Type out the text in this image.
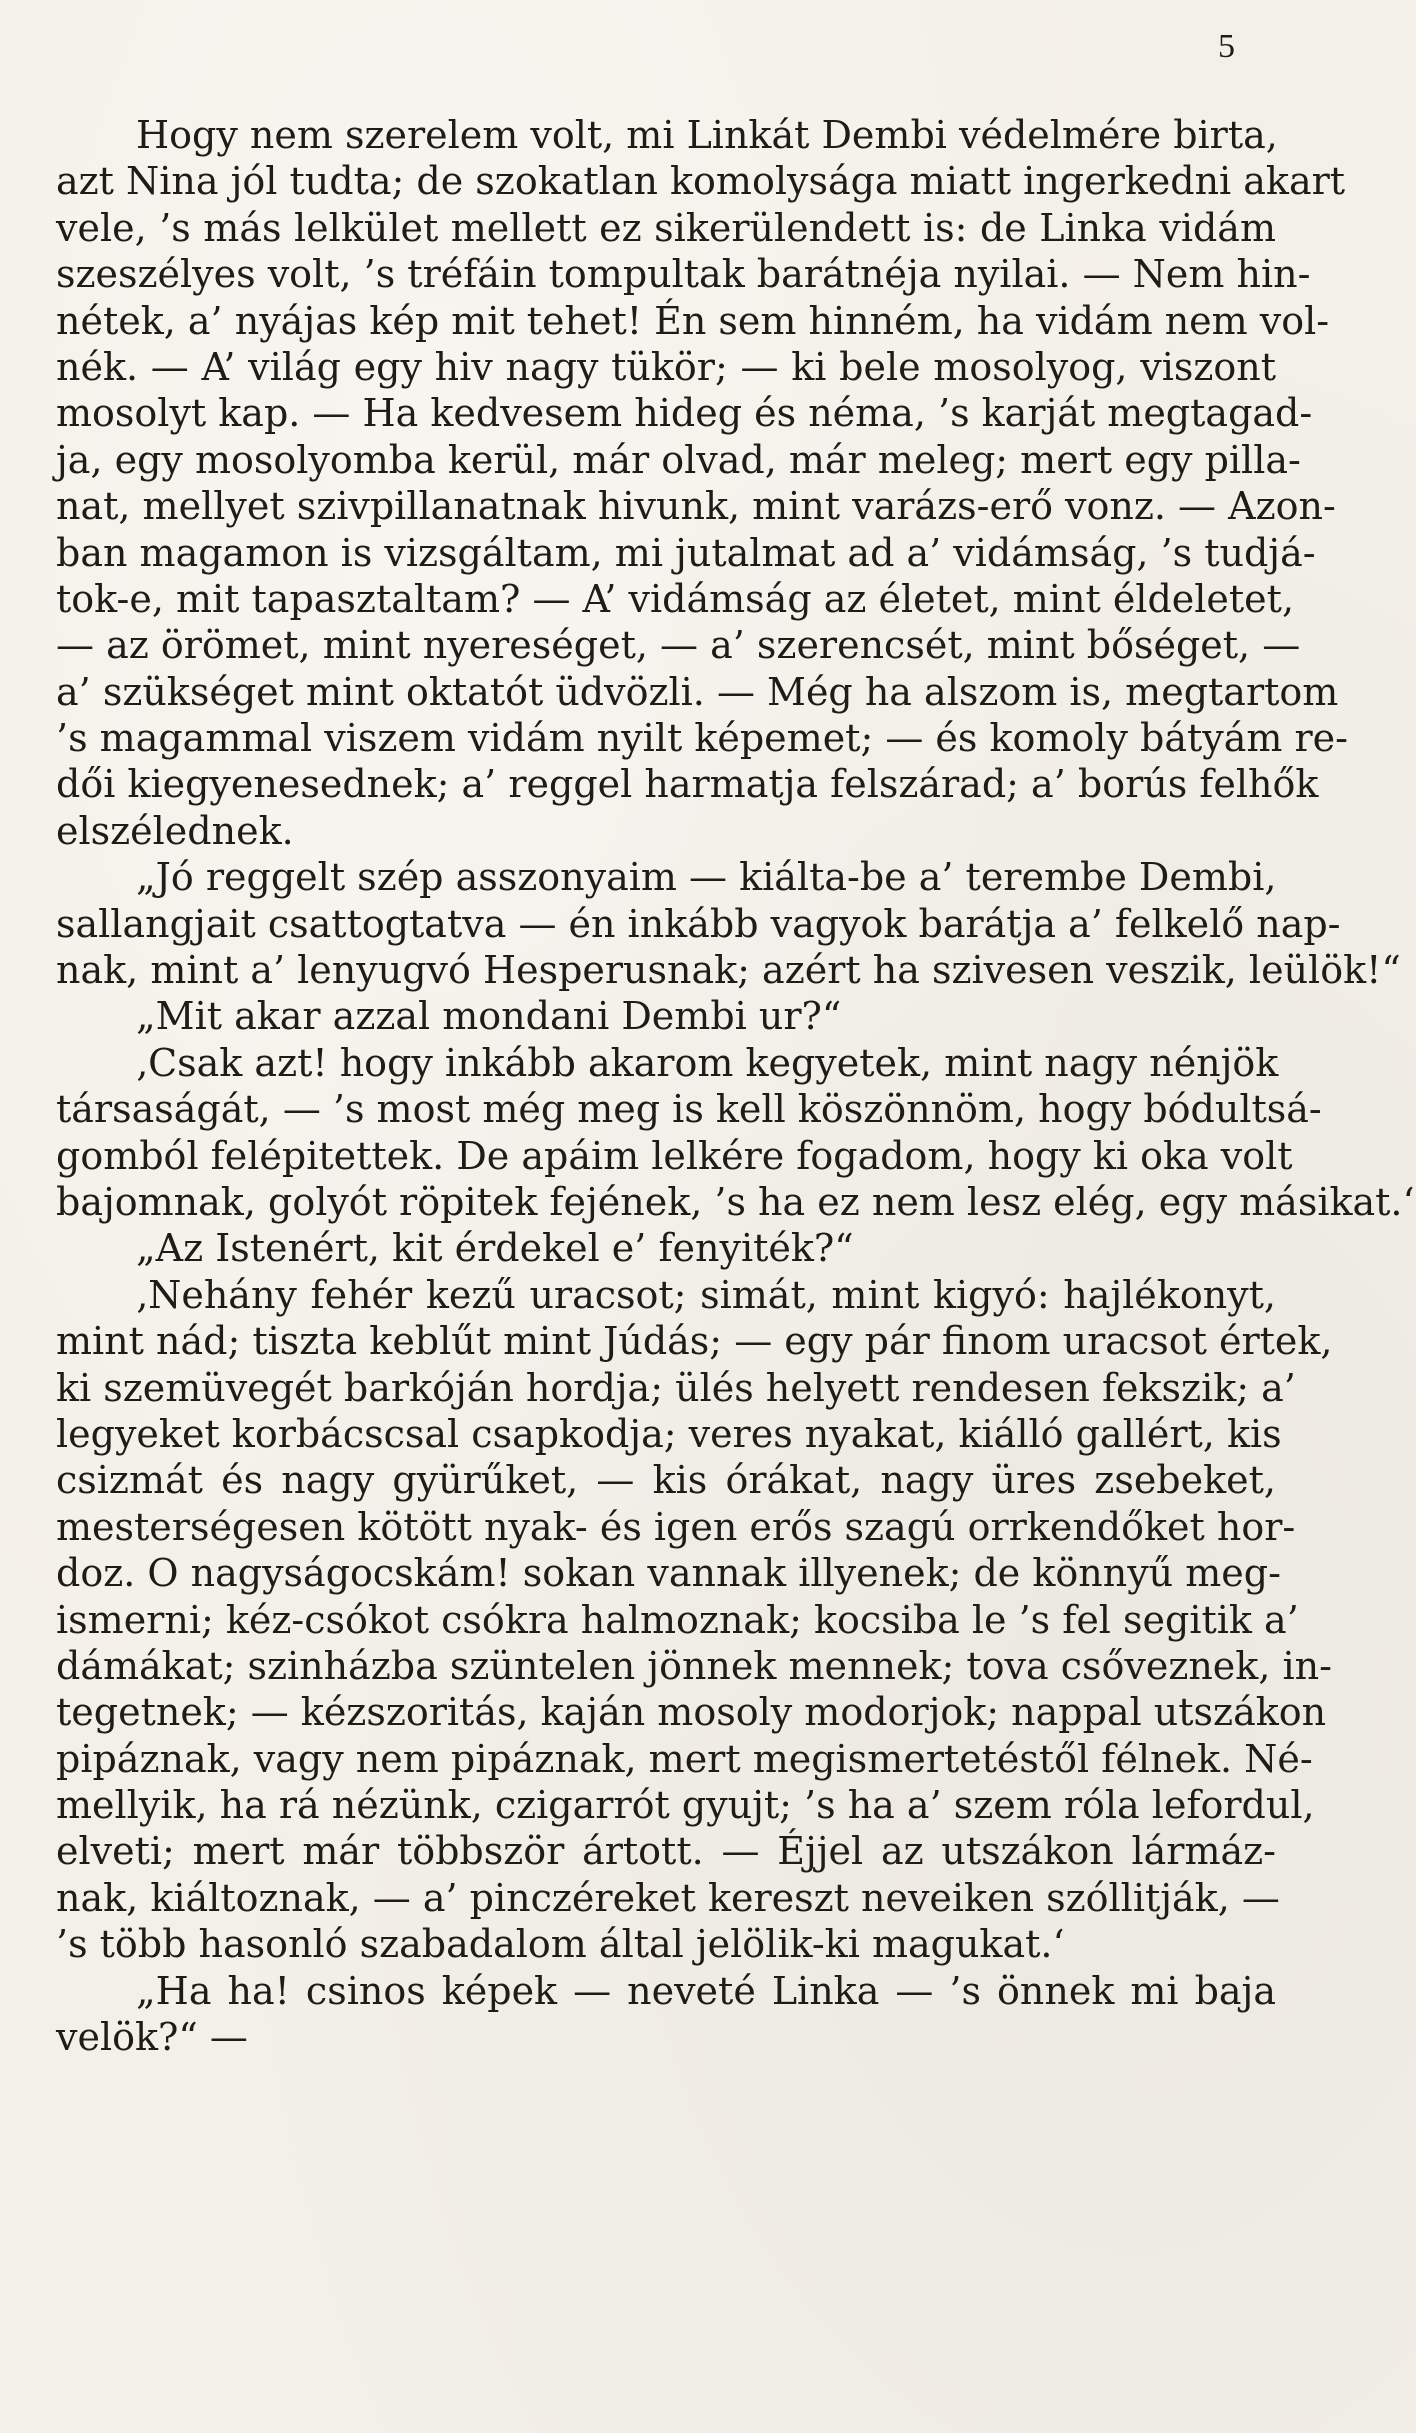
5
Hogy nem szerelem volt, mi Linkát Dembi védelmére birta,
azt Nina jól tudta; de szokatlan komolysága miatt ingerkedni akart
vele, ’s más lelkület mellett ez sikerülendett is: de Linka vidám
szeszélyes volt, ’s tréfáin tompultak barátnéja nyilai. — Nem hin-
nétek, a’ nyájas kép mit tehet! Én sem hinném, ha vidám nem vol-
nék. — A’ világ egy hiv nagy tükör; — ki bele mosolyog, viszont
mosolyt kap. — Ha kedvesem hideg és néma, ’s karját megtagad-
ja, egy mosolyomba kerül, már olvad, már meleg; mert egy pilla-
nat, mellyet szivpillanatnak hivunk, mint varázs-erő vonz. — Azon-
ban magamon is vizsgáltam, mi jutalmat ad a’ vidámság, ’s tudjá-
tok-e, mit tapasztaltam? — A’ vidámság az életet, mint éldeletet,
— az örömet, mint nyereséget, — a’ szerencsét, mint bőséget, —
a’ szükséget mint oktatót üdvözli. — Még ha alszom is, megtartom
’s magammal viszem vidám nyilt képemet; — és komoly bátyám re-
dői kiegyenesednek; a’ reggel harmatja felszárad; a’ borús felhők
elszélednek.
„Jó reggelt szép asszonyaim — kiálta-be a’ terembe Dembi,
sallangjait csattogtatva — én inkább vagyok barátja a’ felkelő nap-
nak, mint a’ lenyugvó Hesperusnak; azért ha szivesen veszik, leülök!“
„Mit akar azzal mondani Dembi ur?“
‚Csak azt! hogy inkább akarom kegyetek, mint nagy nénjök
társaságát, — ’s most még meg is kell köszönnöm, hogy bódultsá-
gomból felépitettek. De apáim lelkére fogadom, hogy ki oka volt
bajomnak, golyót röpitek fejének, ’s ha ez nem lesz elég, egy másikat.‘
„Az Istenért, kit érdekel e’ fenyiték?“
‚Nehány fehér kezű uracsot; simát, mint kigyó: hajlékonyt,
mint nád; tiszta keblűt mint Júdás; — egy pár finom uracsot értek,
ki szemüvegét barkóján hordja; ülés helyett rendesen fekszik; a’
legyeket korbácscsal csapkodja; veres nyakat, kiálló gallért, kis
csizmát és nagy gyürűket, — kis órákat, nagy üres zsebeket,
mesterségesen kötött nyak- és igen erős szagú orrkendőket hor-
doz. O nagyságocskám! sokan vannak illyenek; de könnyű meg-
ismerni; kéz-csókot csókra halmoznak; kocsiba le ’s fel segitik a’
dámákat; szinházba szüntelen jönnek mennek; tova csőveznek, in-
tegetnek; — kézszoritás, kaján mosoly modorjok; nappal utszákon
pipáznak, vagy nem pipáznak, mert megismertetéstől félnek. Né-
mellyik, ha rá nézünk, czigarrót gyujt; ’s ha a’ szem róla lefordul,
elveti; mert már többször ártott. — Éjjel az utszákon lármáz-
nak, kiáltoznak, — a’ pinczéreket kereszt neveiken szóllitják, —
’s több hasonló szabadalom által jelölik-ki magukat.‘
„Ha ha! csinos képek — neveté Linka — ’s önnek mi baja
velök?“ —
